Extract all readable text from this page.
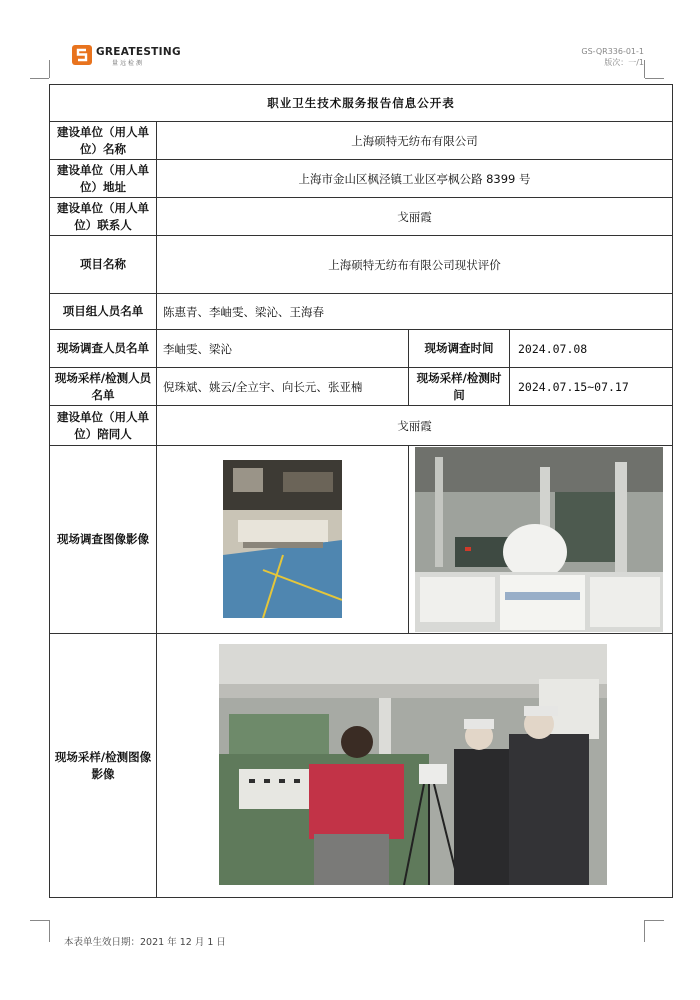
GREATESTING
量远检测
GS-QR336-01-1
版次：一/1
职业卫生技术服务报告信息公开表			
建设单位（用人单位）名称	上海硕特无纺布有限公司		
建设单位（用人单位）地址	上海市金山区枫泾镇工业区亭枫公路 8399 号		
建设单位（用人单位）联系人	戈丽霞		
项目名称	上海硕特无纺布有限公司现状评价		
项目组人员名单	陈惠青、李岫雯、梁沁、王海春		
现场调查人员名单	李岫雯、梁沁	现场调查时间	2024.07.08
现场采样/检测人员名单	倪珠斌、姚云/全立宇、向长元、张亚楠	现场采样/检测时间	2024.07.15~07.17
建设单位（用人单位）陪同人	戈丽霞		
现场调查图像影像	

现场采样/检测图像影像	
本表单生效日期：2021 年 12 月 1 日
